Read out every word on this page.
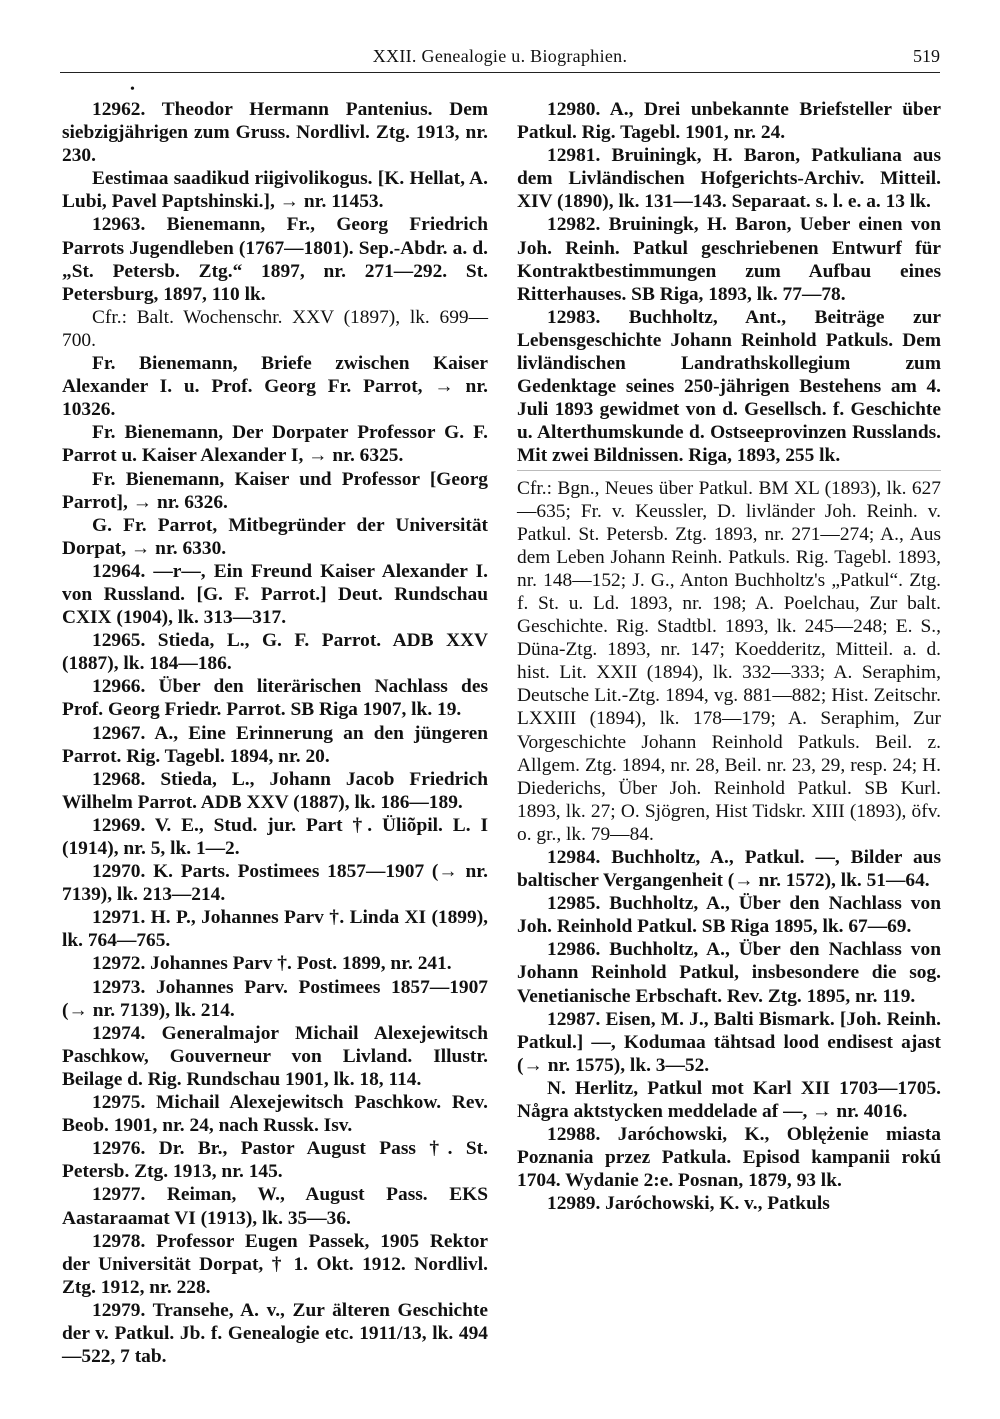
XXII. Genealogie u. Biographien.	519
•

12962. Theodor Hermann Pantenius. Dem siebzigjährigen zum Gruss. Nordlivl. Ztg. 1913, nr. 230.

Eestimaa saadikud riigivolikogus. [K. Hellat, A. Lubi, Pavel Paptshinski.], → nr. 11453.

12963. Bienemann, Fr., Georg Friedrich Parrots Jugendleben (1767—1801). Sep.-Abdr. a. d. „St. Petersb. Ztg.“ 1897, nr. 271—292. St. Petersburg, 1897, 110 lk.

Cfr.: Balt. Wochenschr. XXV (1897), lk. 699—700.

Fr. Bienemann, Briefe zwischen Kaiser Alexander I. u. Prof. Georg Fr. Parrot, → nr. 10326.

Fr. Bienemann, Der Dorpater Professor G. F. Parrot u. Kaiser Alexander I, → nr. 6325.

Fr. Bienemann, Kaiser und Professor [Georg Parrot], → nr. 6326.

G. Fr. Parrot, Mitbegründer der Universität Dorpat, → nr. 6330.

12964. —r—, Ein Freund Kaiser Alexander I. von Russland. [G. F. Parrot.] Deut. Rundschau CXIX (1904), lk. 313—317.

12965. Stieda, L., G. F. Parrot. ADB XXV (1887), lk. 184—186.

12966. Über den literärischen Nachlass des Prof. Georg Friedr. Parrot. SB Riga 1907, lk. 19.

12967. A., Eine Erinnerung an den jüngeren Parrot. Rig. Tagebl. 1894, nr. 20.

12968. Stieda, L., Johann Jacob Friedrich Wilhelm Parrot. ADB XXV (1887), lk. 186—189.

12969. V. E., Stud. jur. Part †. Üliõpil. L. I (1914), nr. 5, lk. 1—2.

12970. K. Parts. Postimees 1857—1907 (→ nr. 7139), lk. 213—214.

12971. H. P., Johannes Parv †. Linda XI (1899), lk. 764—765.

12972. Johannes Parv †. Post. 1899, nr. 241.

12973. Johannes Parv. Postimees 1857—1907 (→ nr. 7139), lk. 214.

12974. Generalmajor Michail Alexejewitsch Paschkow, Gouverneur von Livland. Illustr. Beilage d. Rig. Rundschau 1901, lk. 18, 114.

12975. Michail Alexejewitsch Paschkow. Rev. Beob. 1901, nr. 24, nach Russk. Isv.

12976. Dr. Br., Pastor August Pass †. St. Petersb. Ztg. 1913, nr. 145.

12977. Reiman, W., August Pass. EKS Aastaraamat VI (1913), lk. 35—36.

12978. Professor Eugen Passek, 1905 Rektor der Universität Dorpat, † 1. Okt. 1912. Nordlivl. Ztg. 1912, nr. 228.

12979. Transehe, A. v., Zur älteren Geschichte der v. Patkul. Jb. f. Genealogie etc. 1911/13, lk. 494—522, 7 tab.

12980. A., Drei unbekannte Briefsteller über Patkul. Rig. Tagebl. 1901, nr. 24.

12981. Bruiningk, H. Baron, Patkuliana aus dem Livländischen Hofgerichts-Archiv. Mitteil. XIV (1890), lk. 131—143. Separaat. s. l. e. a. 13 lk.

12982. Bruiningk, H. Baron, Ueber einen von Joh. Reinh. Patkul geschriebenen Entwurf für Kontraktbestimmungen zum Aufbau eines Ritterhauses. SB Riga, 1893, lk. 77—78.

12983. Buchholtz, Ant., Beiträge zur Lebensgeschichte Johann Reinhold Patkuls. Dem livländischen Landrathskollegium zum Gedenktage seines 250-jährigen Bestehens am 4. Juli 1893 gewidmet von d. Gesellsch. f. Geschichte u. Alterthumskunde d. Ostseeprovinzen Russlands. Mit zwei Bildnissen. Riga, 1893, 255 lk.

Cfr.: Bgn., Neues über Patkul. BM XL (1893), lk. 627—635; Fr. v. Keussler, D. livländer Joh. Reinh. v. Patkul. St. Petersb. Ztg. 1893, nr. 271—274; A., Aus dem Leben Johann Reinh. Patkuls. Rig. Tagebl. 1893, nr. 148—152; J. G., Anton Buchholtz's „Patkul“. Ztg. f. St. u. Ld. 1893, nr. 198; A. Poelchau, Zur balt. Geschichte. Rig. Stadtbl. 1893, lk. 245—248; E. S., Düna-Ztg. 1893, nr. 147; Koedderitz, Mitteil. a. d. hist. Lit. XXII (1894), lk. 332—333; A. Seraphim, Deutsche Lit.-Ztg. 1894, vg. 881—882; Hist. Zeitschr. LXXIII (1894), lk. 178—179; A. Seraphim, Zur Vorgeschichte Johann Reinhold Patkuls. Beil. z. Allgem. Ztg. 1894, nr. 28, Beil. nr. 23, 29, resp. 24; H. Diederichs, Über Joh. Reinhold Patkul. SB Kurl. 1893, lk. 27; O. Sjögren, Hist Tidskr. XIII (1893), öfv. o. gr., lk. 79—84.

12984. Buchholtz, A., Patkul. —, Bilder aus baltischer Vergangenheit (→ nr. 1572), lk. 51—64.

12985. Buchholtz, A., Über den Nachlass von Joh. Reinhold Patkul. SB Riga 1895, lk. 67—69.

12986. Buchholtz, A., Über den Nachlass von Johann Reinhold Patkul, insbesondere die sog. Venetianische Erbschaft. Rev. Ztg. 1895, nr. 119.

12987. Eisen, M. J., Balti Bismark. [Joh. Reinh. Patkul.] —, Kodumaa tähtsad lood endisest ajast (→ nr. 1575), lk. 3—52.

N. Herlitz, Patkul mot Karl XII 1703—1705. Några aktstycken meddelade af —, → nr. 4016.

12988. Jaróchowski, K., Oblężenie miasta Poznania przez Patkula. Episod kampanii rokú 1704. Wydanie 2:e. Posnan, 1879, 93 lk.

12989. Jaróchowski, K. v., Patkuls
